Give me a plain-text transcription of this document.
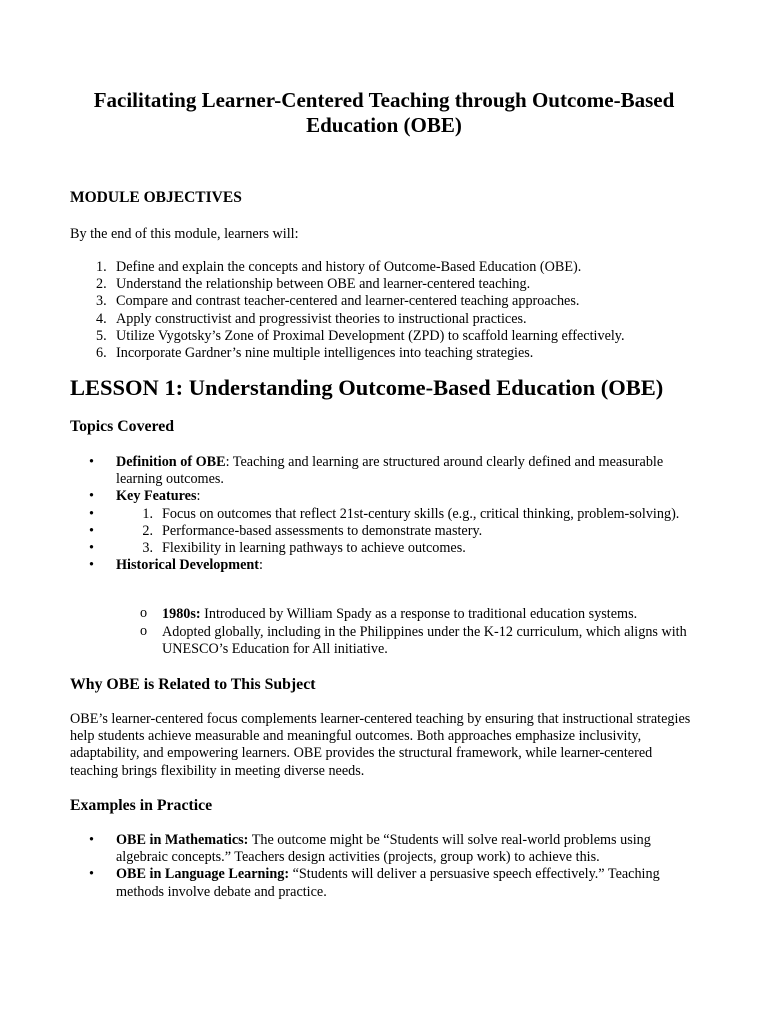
Facilitating Learner-Centered Teaching through Outcome-Based Education (OBE)
MODULE OBJECTIVES
By the end of this module, learners will:
1. Define and explain the concepts and history of Outcome-Based Education (OBE).
2. Understand the relationship between OBE and learner-centered teaching.
3. Compare and contrast teacher-centered and learner-centered teaching approaches.
4. Apply constructivist and progressivist theories to instructional practices.
5. Utilize Vygotsky’s Zone of Proximal Development (ZPD) to scaffold learning effectively.
6. Incorporate Gardner’s nine multiple intelligences into teaching strategies.
LESSON 1: Understanding Outcome-Based Education (OBE)
Topics Covered
•
Definition of OBE: Teaching and learning are structured around clearly defined and measurable learning outcomes.
•
Key Features:
• 1. Focus on outcomes that reflect 21st-century skills (e.g., critical thinking, problem-solving).
• 2. Performance-based assessments to demonstrate mastery.
• 3. Flexibility in learning pathways to achieve outcomes.
•
Historical Development:
o
1980s: Introduced by William Spady as a response to traditional education systems.
o
Adopted globally, including in the Philippines under the K-12 curriculum, which aligns with UNESCO’s Education for All initiative.
Why OBE is Related to This Subject

OBE’s learner-centered focus complements learner-centered teaching by ensuring that instructional strategies help students achieve measurable and meaningful outcomes. Both approaches emphasize inclusivity, adaptability, and empowering learners. OBE provides the structural framework, while learner-centered teaching brings flexibility in meeting diverse needs.

Examples in Practice
•
OBE in Mathematics: The outcome might be “Students will solve real-world problems using algebraic concepts.” Teachers design activities (projects, group work) to achieve this.
•
OBE in Language Learning: “Students will deliver a persuasive speech effectively.” Teaching methods involve debate and practice.
